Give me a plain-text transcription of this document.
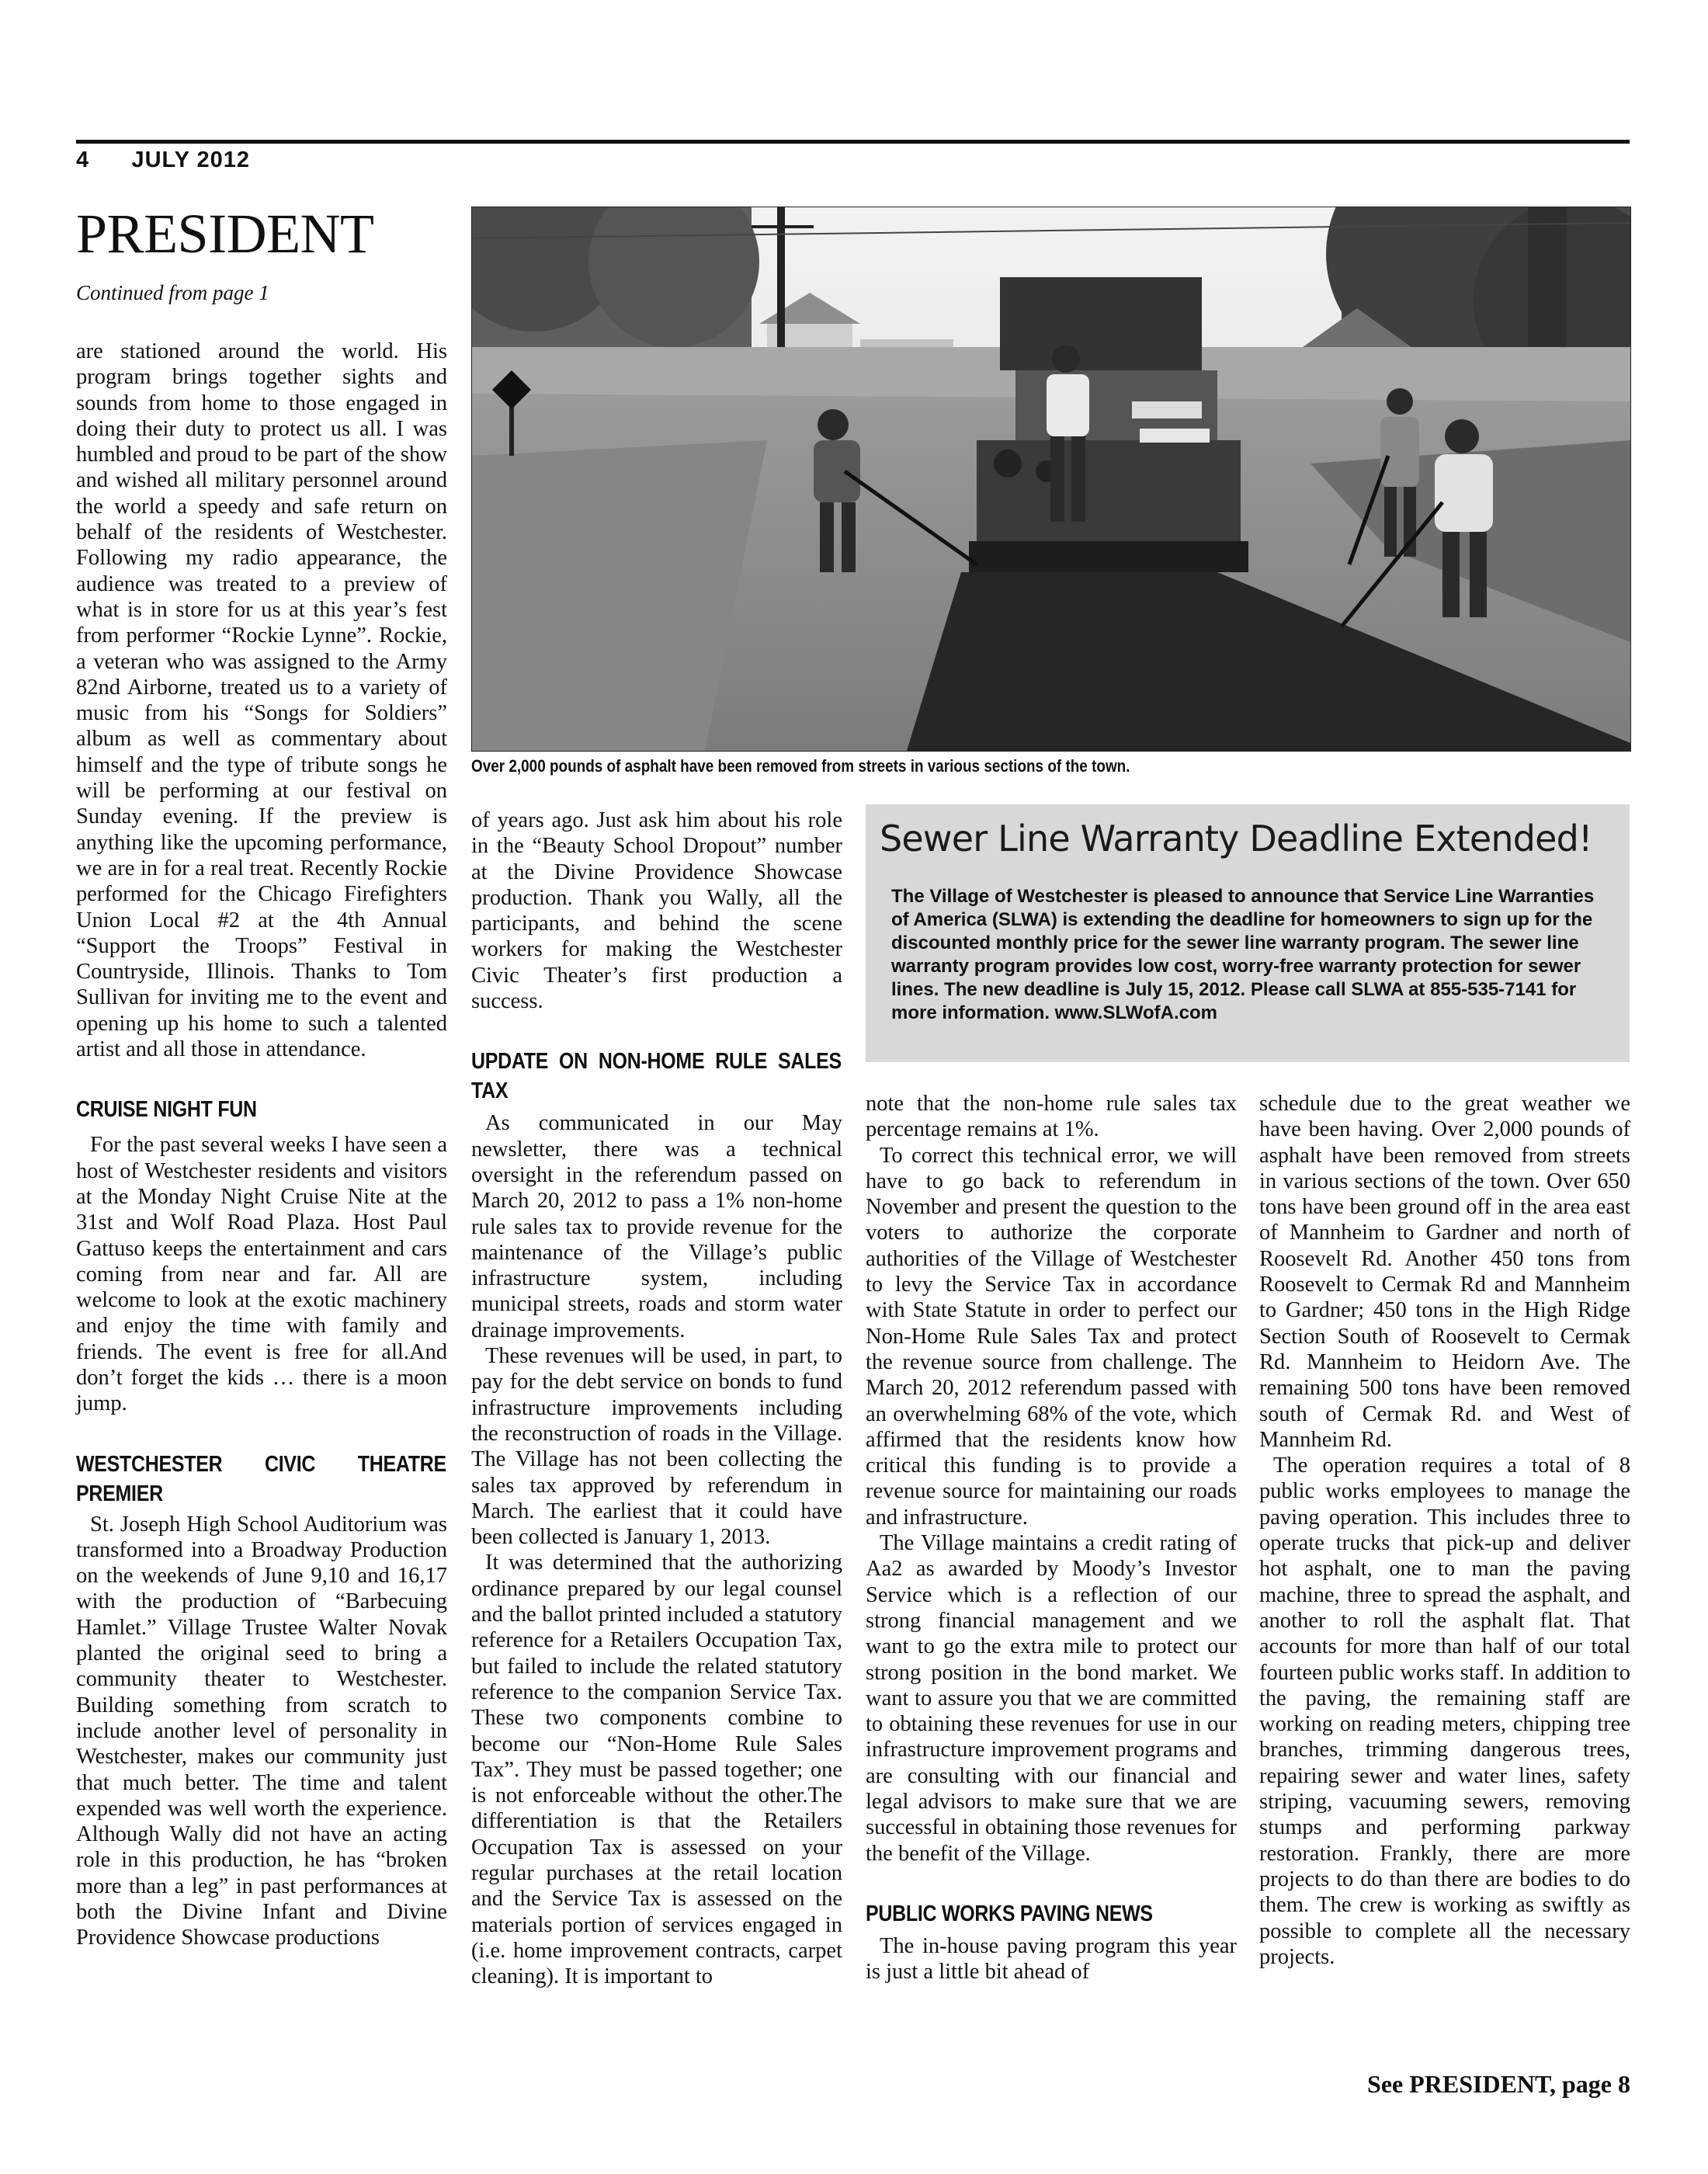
4 JULY 2012
PRESIDENT
Continued from page 1

are stationed around the world. His program brings together sights and sounds from home to those engaged in doing their duty to protect us all. I was humbled and proud to be part of the show and wished all military personnel around the world a speedy and safe return on behalf of the residents of Westchester. Following my radio appearance, the audience was treated to a preview of what is in store for us at this year’s fest from performer “Rockie Lynne”. Rockie, a veteran who was assigned to the Army 82nd Airborne, treated us to a variety of music from his “Songs for Soldiers” album as well as commentary about himself and the type of tribute songs he will be performing at our festival on Sunday evening. If the preview is anything like the upcoming performance, we are in for a real treat. Recently Rockie performed for the Chicago Firefighters Union Local #2 at the 4th Annual “Support the Troops” Festival in Countryside, Illinois. Thanks to Tom Sullivan for inviting me to the event and opening up his home to such a talented artist and all those in attendance.

CRUISE NIGHT FUN

For the past several weeks I have seen a host of Westchester residents and visitors at the Monday Night Cruise Nite at the 31st and Wolf Road Plaza. Host Paul Gattuso keeps the entertainment and cars coming from near and far. All are welcome to look at the exotic machinery and enjoy the time with family and friends. The event is free for all.And don’t forget the kids … there is a moon jump.

WESTCHESTER CIVIC THEATRE PREMIER

St. Joseph High School Auditorium was transformed into a Broadway Production on the weekends of June 9,10 and 16,17 with the production of “Barbecuing Hamlet.” Village Trustee Walter Novak planted the original seed to bring a community theater to Westchester. Building something from scratch to include another level of personality in Westchester, makes our community just that much better. The time and talent expended was well worth the experience. Although Wally did not have an acting role in this production, he has “broken more than a leg” in past performances at both the Divine Infant and Divine Providence Showcase productions

Over 2,000 pounds of asphalt have been removed from streets in various sections of the town.

of years ago. Just ask him about his role in the “Beauty School Dropout” number at the Divine Providence Showcase production. Thank you Wally, all the participants, and behind the scene workers for making the Westchester Civic Theater’s first production a success.

UPDATE ON NON-HOME RULE SALES TAX

As communicated in our May newsletter, there was a technical oversight in the referendum passed on March 20, 2012 to pass a 1% non-home rule sales tax to provide revenue for the maintenance of the Village’s public infrastructure system, including municipal streets, roads and storm water drainage improvements.

These revenues will be used, in part, to pay for the debt service on bonds to fund infrastructure improvements including the reconstruction of roads in the Village. The Village has not been collecting the sales tax approved by referendum in March. The earliest that it could have been collected is January 1, 2013.

It was determined that the authorizing ordinance prepared by our legal counsel and the ballot printed included a statutory reference for a Retailers Occupation Tax, but failed to include the related statutory reference to the companion Service Tax. These two components combine to become our “Non-Home Rule Sales Tax”. They must be passed together; one is not enforceable without the other.The differentiation is that the Retailers Occupation Tax is assessed on your regular purchases at the retail location and the Service Tax is assessed on the materials portion of services engaged in (i.e. home improvement contracts, carpet cleaning). It is important to

Sewer Line Warranty Deadline Extended!
The Village of Westchester is pleased to announce that Service Line Warranties of America (SLWA) is extending the deadline for homeowners to sign up for the discounted monthly price for the sewer line warranty program. The sewer line warranty program provides low cost, worry-free warranty protection for sewer lines. The new deadline is July 15, 2012. Please call SLWA at 855-535-7141 for more information. www.SLWofA.com

note that the non-home rule sales tax percentage remains at 1%.

To correct this technical error, we will have to go back to referendum in November and present the question to the voters to authorize the corporate authorities of the Village of Westchester to levy the Service Tax in accordance with State Statute in order to perfect our Non-Home Rule Sales Tax and protect the revenue source from challenge. The March 20, 2012 referendum passed with an overwhelming 68% of the vote, which affirmed that the residents know how critical this funding is to provide a revenue source for maintaining our roads and infrastructure.

The Village maintains a credit rating of Aa2 as awarded by Moody’s Investor Service which is a reflection of our strong financial management and we want to go the extra mile to protect our strong position in the bond market. We want to assure you that we are committed to obtaining these revenues for use in our infrastructure improvement programs and are consulting with our financial and legal advisors to make sure that we are successful in obtaining those revenues for the benefit of the Village.

PUBLIC WORKS PAVING NEWS

The in-house paving program this year is just a little bit ahead of

schedule due to the great weather we have been having. Over 2,000 pounds of asphalt have been removed from streets in various sections of the town. Over 650 tons have been ground off in the area east of Mannheim to Gardner and north of Roosevelt Rd. Another 450 tons from Roosevelt to Cermak Rd and Mannheim to Gardner; 450 tons in the High Ridge Section South of Roosevelt to Cermak Rd. Mannheim to Heidorn Ave. The remaining 500 tons have been removed south of Cermak Rd. and West of Mannheim Rd.

The operation requires a total of 8 public works employees to manage the paving operation. This includes three to operate trucks that pick-up and deliver hot asphalt, one to man the paving machine, three to spread the asphalt, and another to roll the asphalt flat. That accounts for more than half of our total fourteen public works staff. In addition to the paving, the remaining staff are working on reading meters, chipping tree branches, trimming dangerous trees, repairing sewer and water lines, safety striping, vacuuming sewers, removing stumps and performing parkway restoration. Frankly, there are more projects to do than there are bodies to do them. The crew is working as swiftly as possible to complete all the necessary projects.

See PRESIDENT, page 8
